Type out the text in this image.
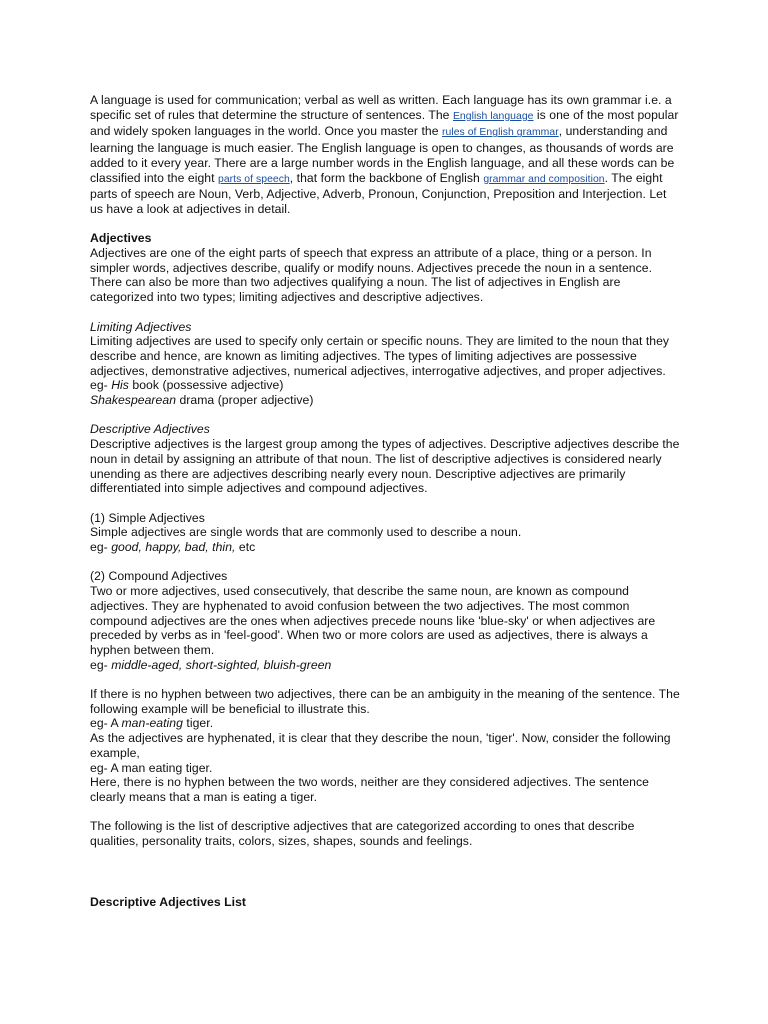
A language is used for communication; verbal as well as written. Each language has its own grammar i.e. a specific set of rules that determine the structure of sentences. The English language is one of the most popular and widely spoken languages in the world. Once you master the rules of English grammar, understanding and learning the language is much easier. The English language is open to changes, as thousands of words are added to it every year. There are a large number words in the English language, and all these words can be classified into the eight parts of speech, that form the backbone of English grammar and composition. The eight parts of speech are Noun, Verb, Adjective, Adverb, Pronoun, Conjunction, Preposition and Interjection. Let us have a look at adjectives in detail.

Adjectives
Adjectives are one of the eight parts of speech that express an attribute of a place, thing or a person. In simpler words, adjectives describe, qualify or modify nouns. Adjectives precede the noun in a sentence. There can also be more than two adjectives qualifying a noun. The list of adjectives in English are categorized into two types; limiting adjectives and descriptive adjectives.

Limiting Adjectives
Limiting adjectives are used to specify only certain or specific nouns. They are limited to the noun that they describe and hence, are known as limiting adjectives. The types of limiting adjectives are possessive adjectives, demonstrative adjectives, numerical adjectives, interrogative adjectives, and proper adjectives.
eg- His book (possessive adjective)
Shakespearean drama (proper adjective)

Descriptive Adjectives
Descriptive adjectives is the largest group among the types of adjectives. Descriptive adjectives describe the noun in detail by assigning an attribute of that noun. The list of descriptive adjectives is considered nearly unending as there are adjectives describing nearly every noun. Descriptive adjectives are primarily differentiated into simple adjectives and compound adjectives.

(1) Simple Adjectives
Simple adjectives are single words that are commonly used to describe a noun.
eg- good, happy, bad, thin, etc

(2) Compound Adjectives
Two or more adjectives, used consecutively, that describe the same noun, are known as compound adjectives. They are hyphenated to avoid confusion between the two adjectives. The most common compound adjectives are the ones when adjectives precede nouns like 'blue-sky' or when adjectives are preceded by verbs as in 'feel-good'. When two or more colors are used as adjectives, there is always a hyphen between them.
eg- middle-aged, short-sighted, bluish-green

If there is no hyphen between two adjectives, there can be an ambiguity in the meaning of the sentence. The following example will be beneficial to illustrate this.
eg- A man-eating tiger.
As the adjectives are hyphenated, it is clear that they describe the noun, 'tiger'. Now, consider the following example,
eg- A man eating tiger.
Here, there is no hyphen between the two words, neither are they considered adjectives. The sentence clearly means that a man is eating a tiger.

The following is the list of descriptive adjectives that are categorized according to ones that describe qualities, personality traits, colors, sizes, shapes, sounds and feelings.

Descriptive Adjectives List
